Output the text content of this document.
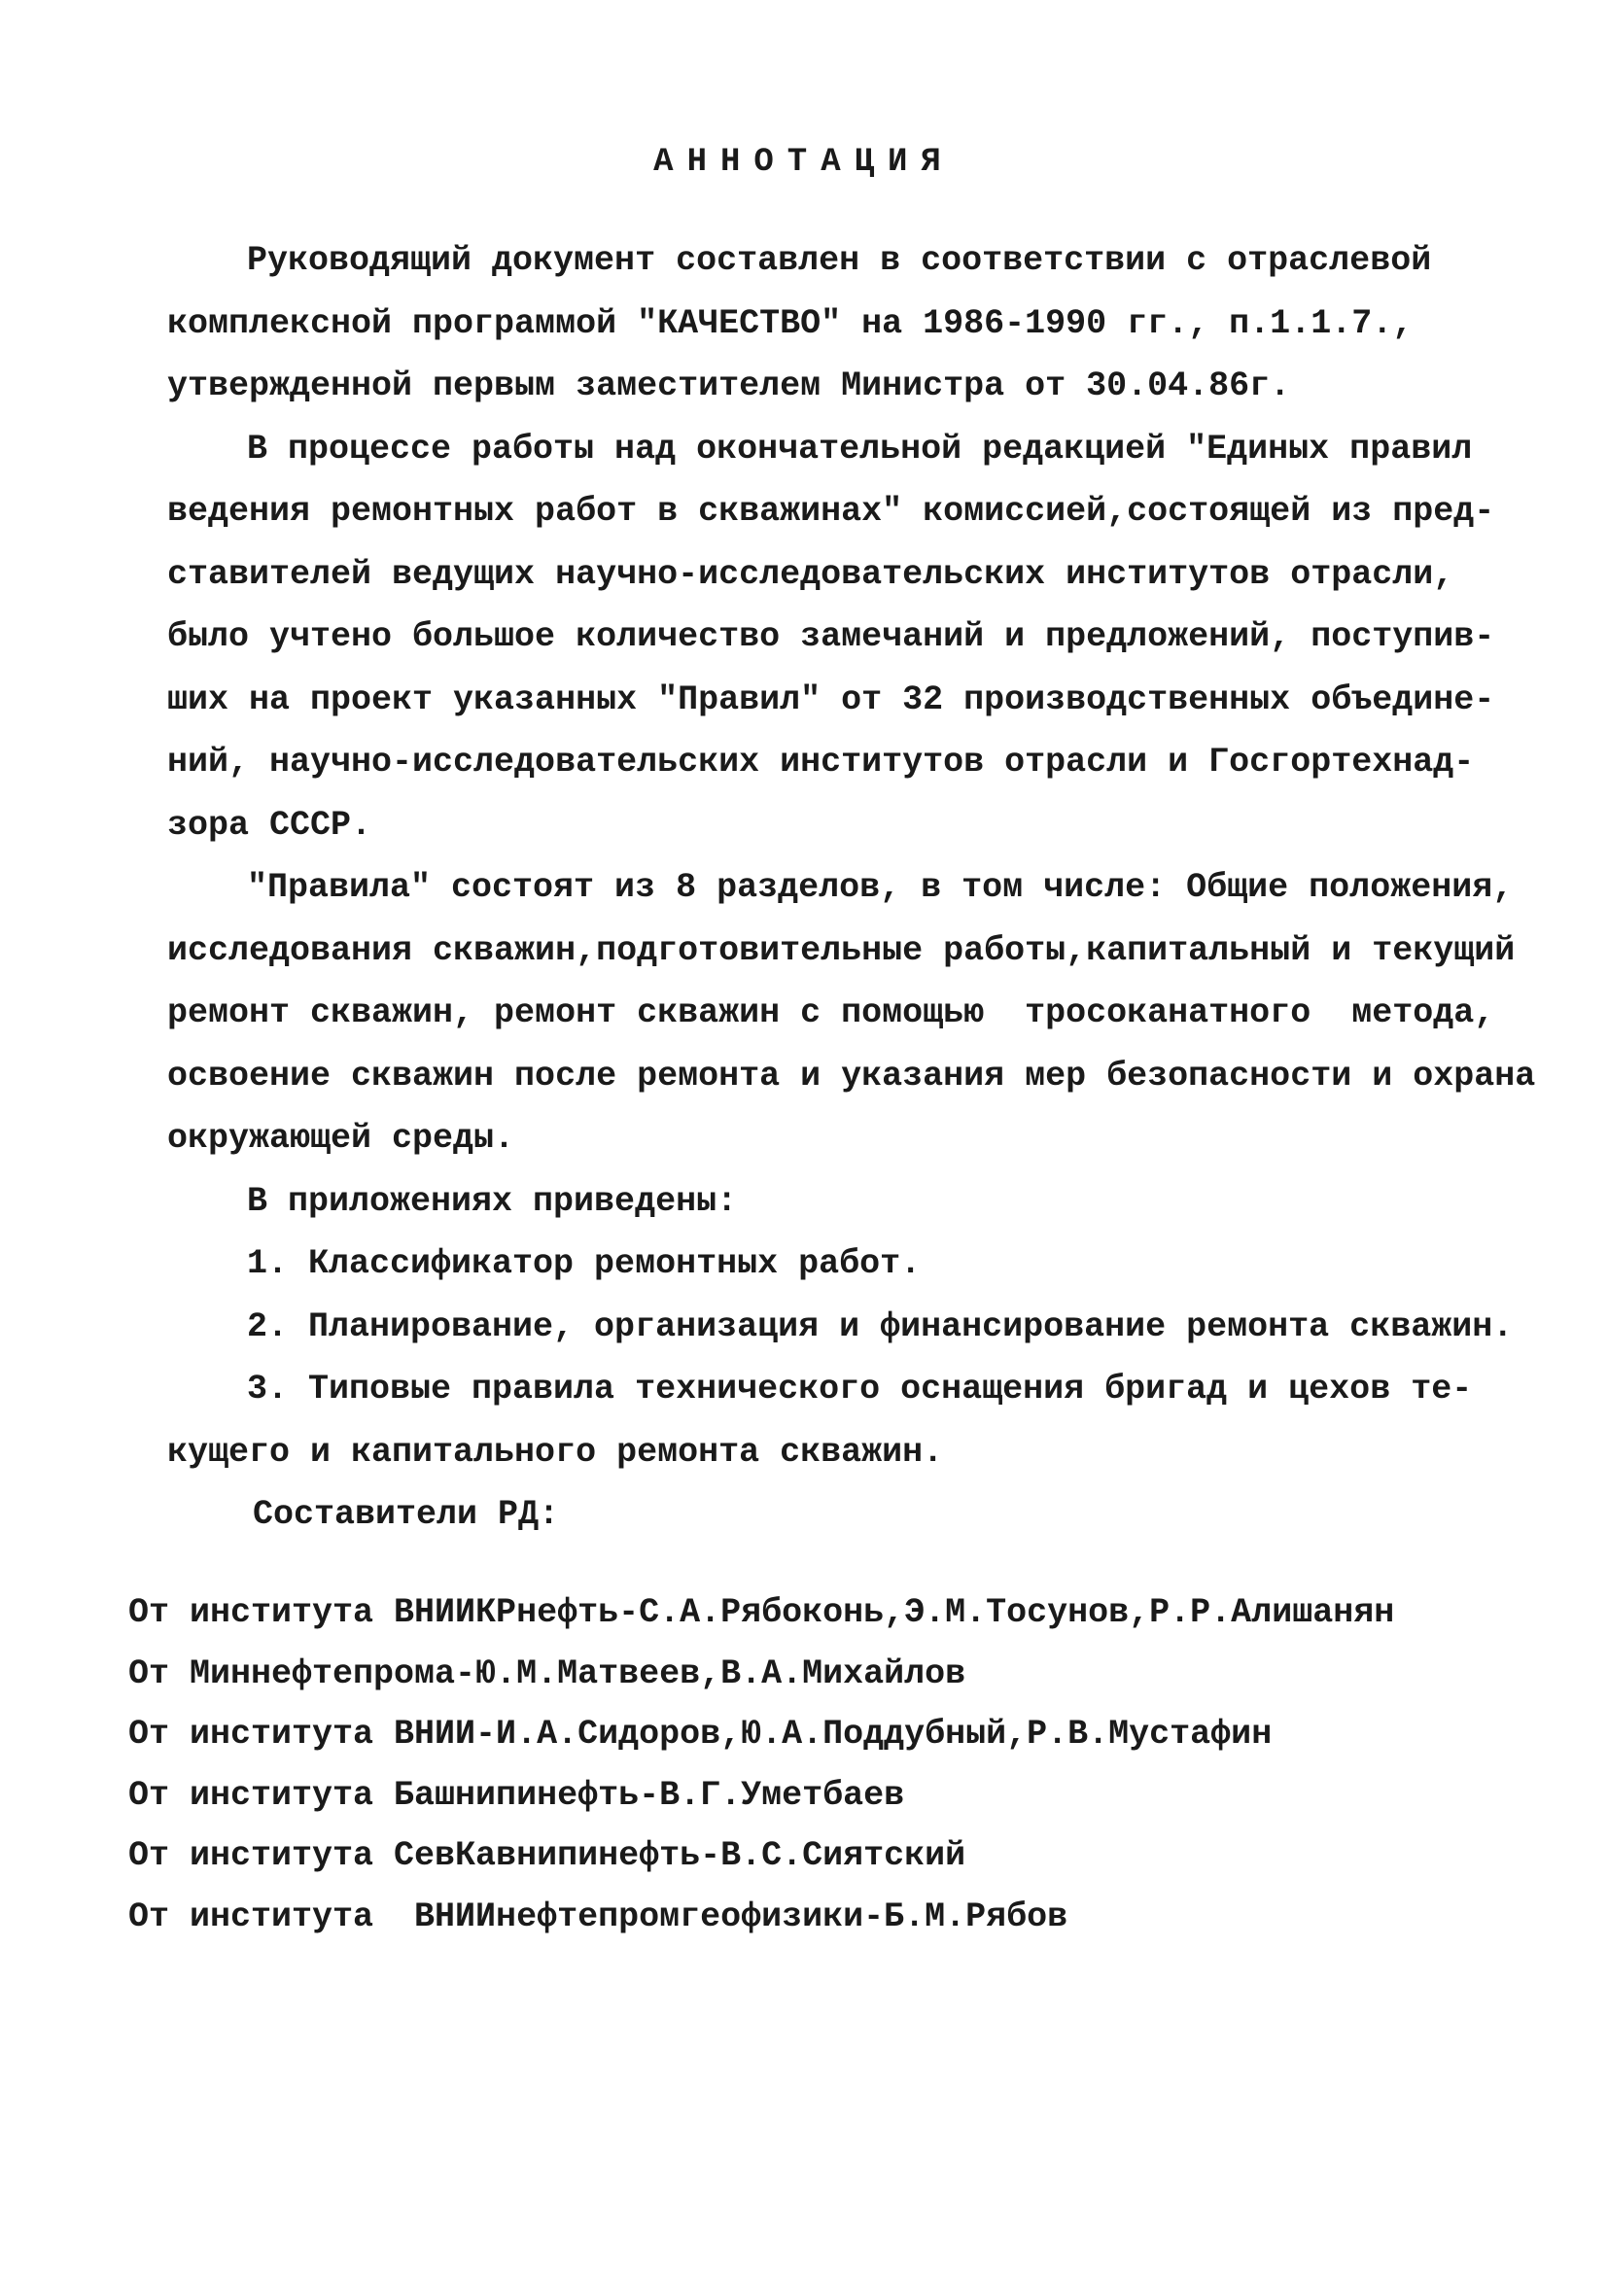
АННОТАЦИЯ
Руководящий документ составлен в соответствии с отраслевой
комплексной программой "КАЧЕСТВО" на 1986-1990 гг., п.1.1.7.,
утвержденной первым заместителем Министра от 30.04.86г.
В процессе работы над окончательной редакцией "Единых правил
ведения ремонтных работ в скважинах" комиссией,состоящей из пред-
ставителей ведущих научно-исследовательских институтов отрасли,
было учтено большое количество замечаний и предложений, поступив-
ших на проект указанных "Правил" от 32 производственных объедине-
ний, научно-исследовательских институтов отрасли и Госгортехнад-
зора СССР.
"Правила" состоят из 8 разделов, в том числе: Общие положения,
исследования скважин,подготовительные работы,капитальный и текущий
ремонт скважин, ремонт скважин с помощью  тросоканатного  метода,
освоение скважин после ремонта и указания мер безопасности и охрана
окружающей среды.
В приложениях приведены:
1. Классификатор ремонтных работ.
2. Планирование, организация и финансирование ремонта скважин.
3. Типовые правила технического оснащения бригад и цехов те-
кущего и капитального ремонта скважин.
Составители РД:
От института ВНИИКРнефть-С.А.Рябоконь,Э.М.Тосунов,Р.Р.Алишанян
От Миннефтепрома-Ю.М.Матвеев,В.А.Михайлов
От института ВНИИ-И.А.Сидоров,Ю.А.Поддубный,Р.В.Мустафин
От института Башнипинефть-В.Г.Уметбаев
От института СевКавнипинефть-В.С.Сиятский
От института  ВНИИнефтепромгеофизики-Б.М.Рябов
